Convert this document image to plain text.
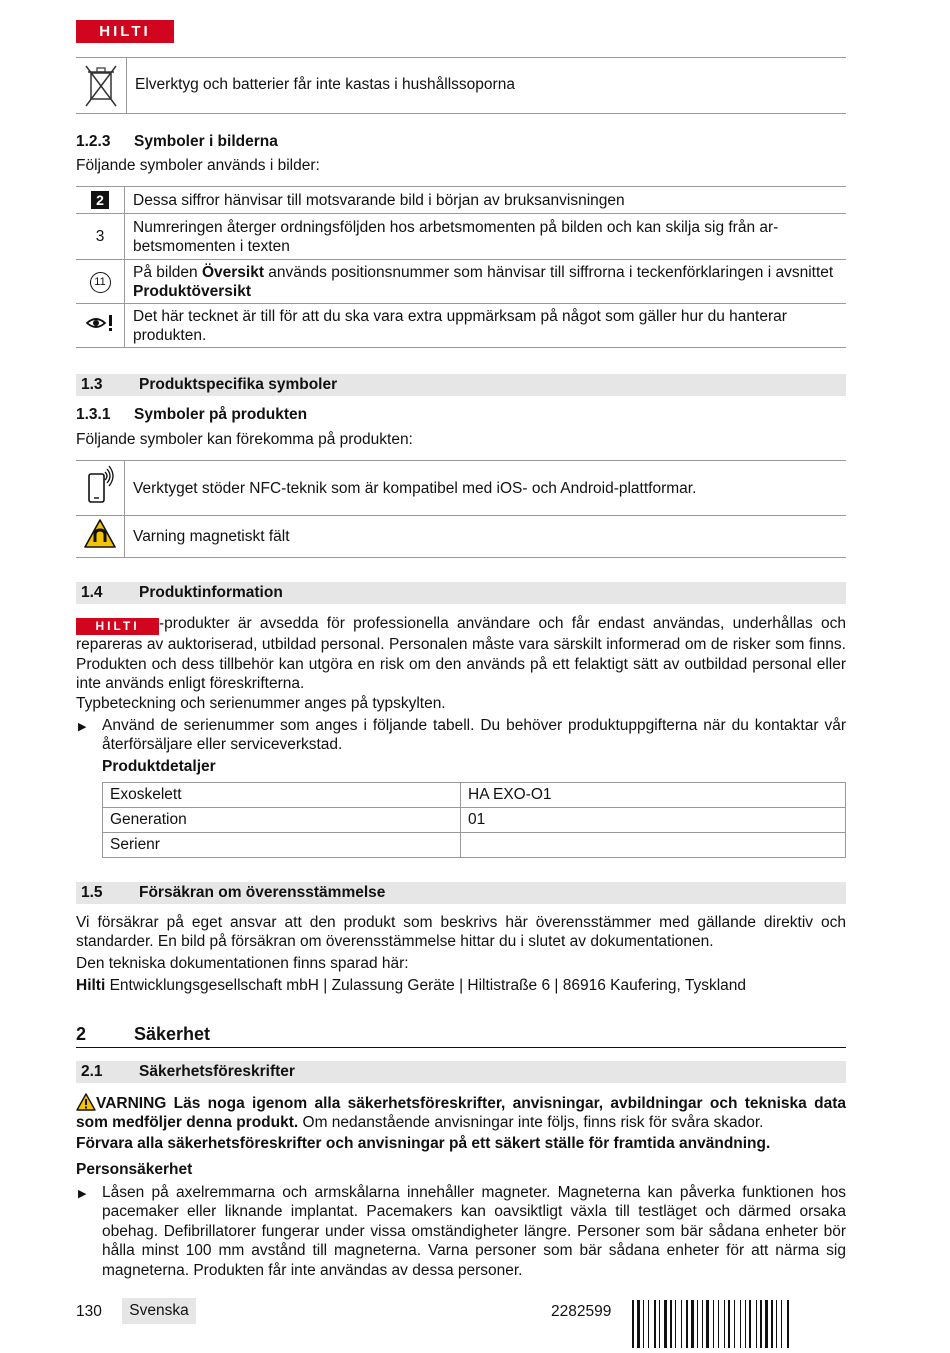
HILTI
Elverktyg och batterier får inte kastas i hushållssoporna
1.2.3	Symboler i bilderna
Följande symboler används i bilder:
2	Dessa siffror hänvisar till motsvarande bild i början av bruksanvisningen
3	Numreringen återger ordningsföljden hos arbetsmomenten på bilden och kan skilja sig från ar-
betsmomenten i texten
11	På bilden Översikt används positionsnummer som hänvisar till siffrorna i teckenförklaringen i avsnittet Produktöversikt
	Det här tecknet är till för att du ska vara extra uppmärksam på något som gäller hur du hanterar produkten.
1.3	Produktspecifika symboler
1.3.1	Symboler på produkten
Följande symboler kan förekomma på produkten:
	Verktyget stöder NFC-teknik som är kompatibel med iOS- och Android-plattformar.
	Varning magnetiskt fält
1.4	Produktinformation
HILTI -produkter är avsedda för professionella användare och får endast användas, underhållas och repareras av auktoriserad, utbildad personal. Personalen måste vara särskilt informerad om de risker som finns. Produkten och dess tillbehör kan utgöra en risk om den används på ett felaktigt sätt av outbildad personal eller inte används enligt föreskrifterna.
Typbeteckning och serienummer anges på typskylten.
▶ Använd de serienummer som anges i följande tabell. Du behöver produktuppgifterna när du kontaktar vår återförsäljare eller serviceverkstad.
Produktdetaljer
Exoskelett	HA EXO-O1
Generation	01
Serienr	
1.5	Försäkran om överensstämmelse
Vi försäkrar på eget ansvar att den produkt som beskrivs här överensstämmer med gällande direktiv och standarder. En bild på försäkran om överensstämmelse hittar du i slutet av dokumentationen.
Den tekniska dokumentationen finns sparad här:
Hilti Entwicklungsgesellschaft mbH | Zulassung Geräte | Hiltistraße 6 | 86916 Kaufering, Tyskland
2	Säkerhet
2.1	Säkerhetsföreskrifter
VARNING Läs noga igenom alla säkerhetsföreskrifter, anvisningar, avbildningar och tekniska data som medföljer denna produkt. Om nedanstående anvisningar inte följs, finns risk för svåra skador.
Förvara alla säkerhetsföreskrifter och anvisningar på ett säkert ställe för framtida användning.
Personsäkerhet
▶ Låsen på axelremmarna och armskålarna innehåller magneter. Magneterna kan påverka funktionen hos pacemaker eller liknande implantat. Pacemakers kan oavsiktligt växla till testläget och därmed orsaka obehag. Defibrillatorer fungerar under vissa omständigheter längre. Personer som bär sådana enheter bör hålla minst 100 mm avstånd till magneterna. Varna personer som bär sådana enheter för att närma sig magneterna. Produkten får inte användas av dessa personer.
130	Svenska	2282599
